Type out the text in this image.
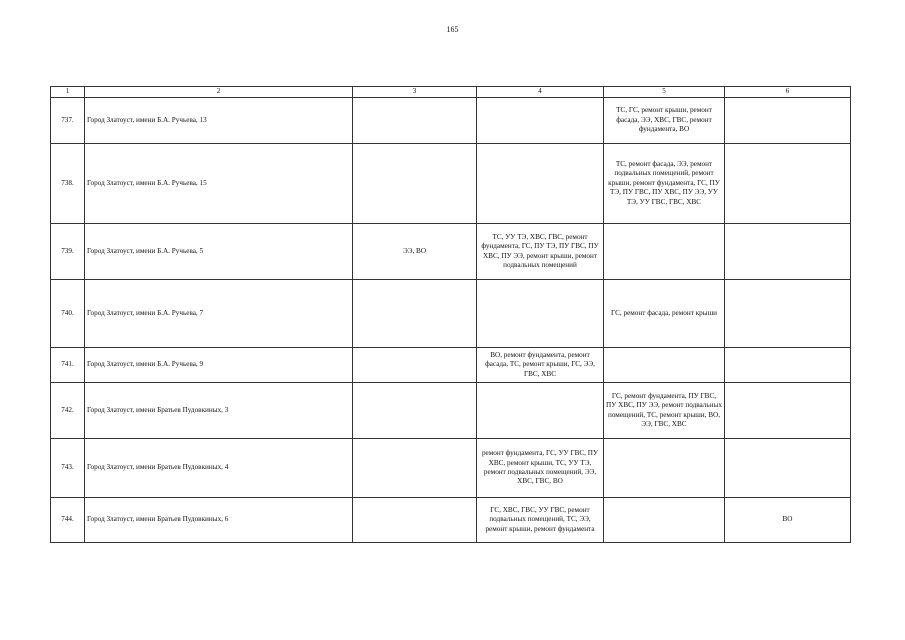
165
1	2	3	4	5	6
737.	Город Златоуст, имени Б.А. Ручьева, 13			ТС, ГС, ремонт крыши, ремонт фасада, ЭЭ, ХВС, ГВС, ремонт фундамента, ВО	
738.	Город Златоуст, имени Б.А. Ручьева, 15			ТС, ремонт фасада, ЭЭ, ремонт подвальных помещений, ремонт крыши, ремонт фундамента, ГС, ПУ ТЭ, ПУ ГВС, ПУ ХВС, ПУ ЭЭ, УУ ТЭ, УУ ГВС, ГВС, ХВС	
739.	Город Златоуст, имени Б.А. Ручьева, 5	ЭЭ, ВО	ТС, УУ ТЭ, ХВС, ГВС, ремонт фундамента, ГС, ПУ ТЭ, ПУ ГВС, ПУ ХВС, ПУ ЭЭ, ремонт крыши, ремонт подвальных помещений		
740.	Город Златоуст, имени Б.А. Ручьева, 7			ГС, ремонт фасада, ремонт крыши	
741.	Город Златоуст, имени Б.А. Ручьева, 9		ВО, ремонт фундамента, ремонт фасада, ТС, ремонт крыши, ГС, ЭЭ, ГВС, ХВС		
742.	Город Златоуст, имени Братьев Пудовкиных, 3			ГС, ремонт фундамента, ПУ ГВС, ПУ ХВС, ПУ ЭЭ, ремонт подвальных помещений, ТС, ремонт крыши, ВО, ЭЭ, ГВС, ХВС	
743.	Город Златоуст, имени Братьев Пудовкиных, 4		ремонт фундамента, ГС, УУ ГВС, ПУ ХВС, ремонт крыши, ТС, УУ ТЭ, ремонт подвальных помещений, ЭЭ, ХВС, ГВС, ВО		
744.	Город Златоуст, имени Братьев Пудовкиных, 6		ГС, ХВС, ГВС, УУ ГВС, ремонт подвальных помещений, ТС, ЭЭ, ремонт крыши, ремонт фундамента		ВО
